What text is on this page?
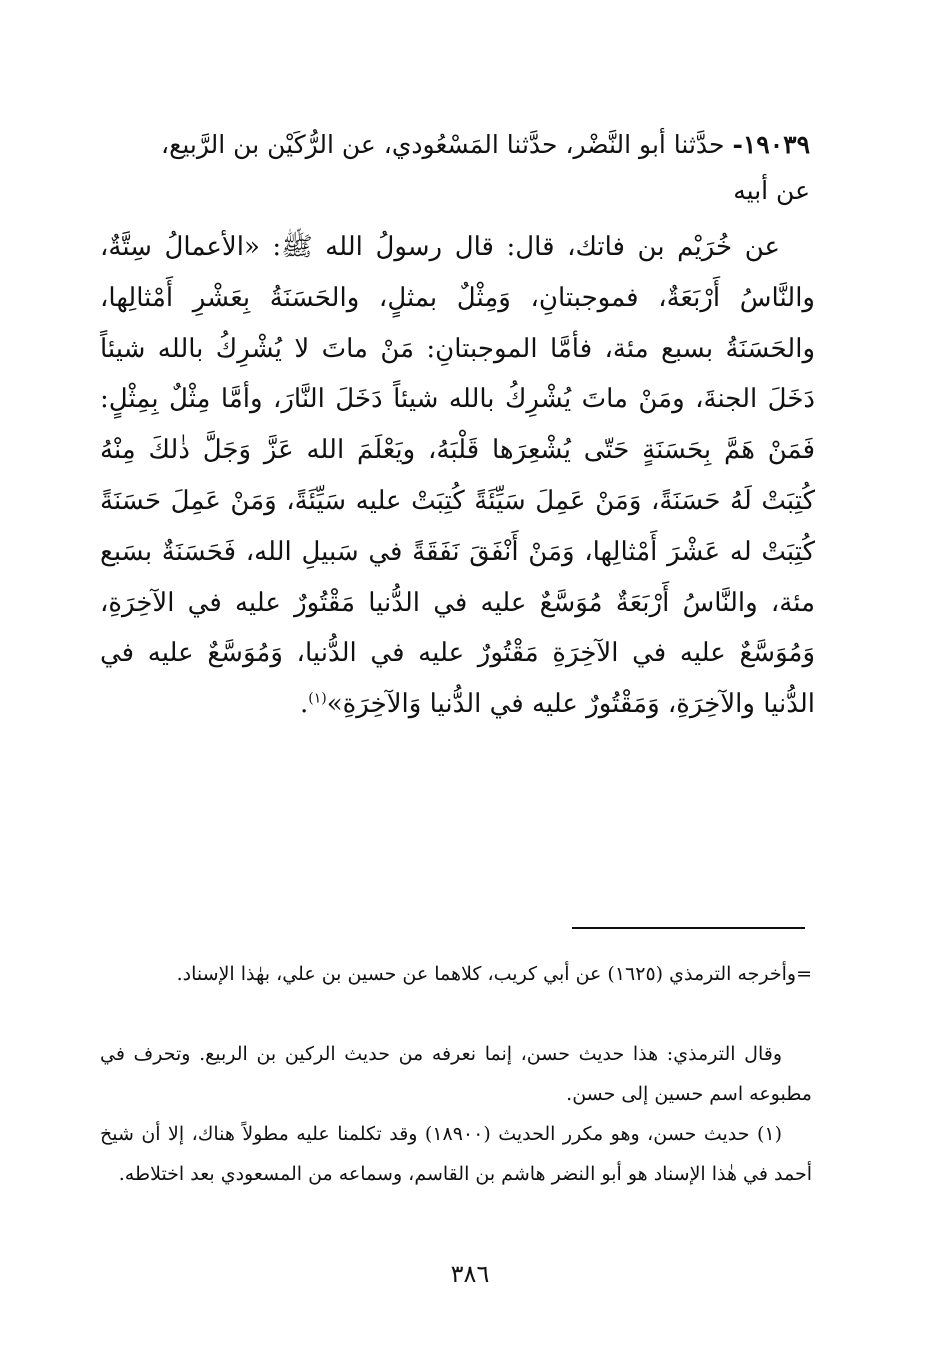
١٩٠٣٩- حدَّثنا أبو النَّضْر، حدَّثنا المَسْعُودي، عن الرُّكَيْن بن الرَّبيع،
عن أبيه

عن خُرَيْم بن فاتك، قال: قال رسولُ الله ﷺ: «الأعمالُ سِتَّةٌ، والنَّاسُ أَرْبَعَةٌ، فموجبتانِ، وَمِثْلٌ بمثلٍ، والحَسَنَةُ بِعَشْرِ أَمْثالِها، والحَسَنَةُ بسبع مئة، فأمَّا الموجبتانِ: مَنْ ماتَ لا يُشْرِكُ بالله شيئاً دَخَلَ الجنةَ، ومَنْ ماتَ يُشْرِكُ بالله شيئاً دَخَلَ النَّارَ، وأمَّا مِثْلٌ بِمِثْلٍ: فَمَنْ هَمَّ بِحَسَنَةٍ حَتّى يُشْعِرَها قَلْبَهُ، ويَعْلَمَ الله عَزَّ وَجَلَّ ذٰلكَ مِنْهُ كُتِبَتْ لَهُ حَسَنَةً، وَمَنْ عَمِلَ سَيِّئَةً كُتِبَتْ عليه سَيِّئَةً، وَمَنْ عَمِلَ حَسَنَةً كُتِبَتْ له عَشْرَ أَمْثالِها، وَمَنْ أَنْفَقَ نَفَقَةً في سَبيلِ الله، فَحَسَنَةٌ بسَبع مئة، والنَّاسُ أَرْبَعَةٌ مُوَسَّعٌ عليه في الدُّنيا مَقْتُورٌ عليه في الآخِرَةِ، وَمُوَسَّعٌ عليه في الآخِرَةِ مَقْتُورٌ عليه في الدُّنيا، وَمُوَسَّعٌ عليه في الدُّنيا والآخِرَةِ، وَمَقْتُورٌ عليه في الدُّنيا وَالآخِرَةِ»$^{(١)}$.

=وأخرجه الترمذي (١٦٢٥) عن أبي كريب، كلاهما عن حسين بن علي، بهٰذا الإسناد.

وقال الترمذي: هذا حديث حسن، إنما نعرفه من حديث الركين بن الربيع. وتحرف في مطبوعه اسم حسين إلى حسن.

(١) حديث حسن، وهو مكرر الحديث (١٨٩٠٠) وقد تكلمنا عليه مطولاً هناك، إلا أن شيخ أحمد في هٰذا الإسناد هو أبو النضر هاشم بن القاسم، وسماعه من المسعودي بعد اختلاطه.

٣٨٦
